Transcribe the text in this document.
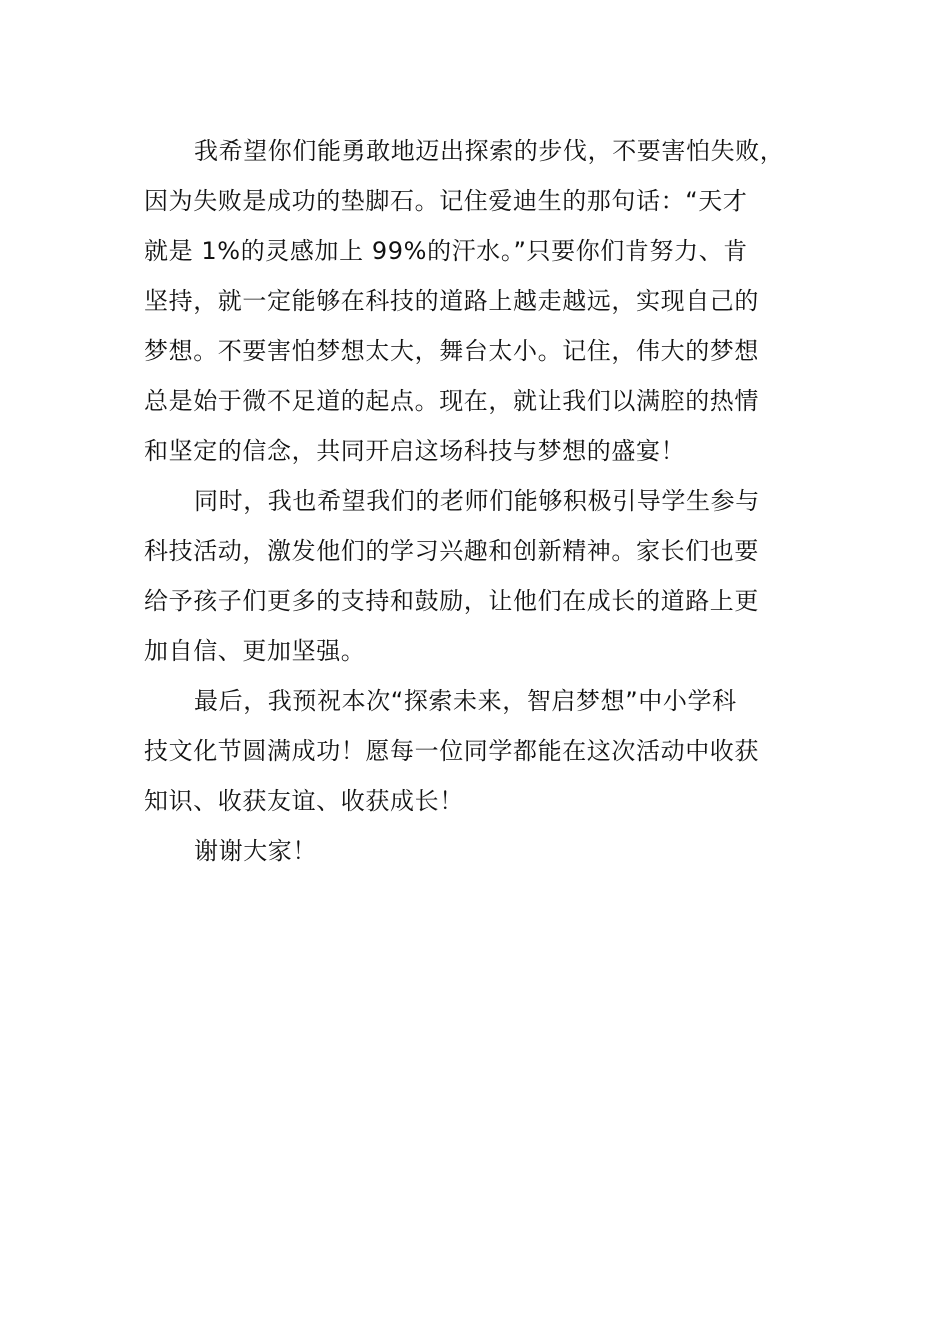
我希望你们能勇敢地迈出探索的步伐，不要害怕失败，
因为失败是成功的垫脚石。记住爱迪生的那句话：“天才
就是 1%的灵感加上 99%的汗水。”只要你们肯努力、肯
坚持，就一定能够在科技的道路上越走越远，实现自己的
梦想。不要害怕梦想太大，舞台太小。记住，伟大的梦想
总是始于微不足道的起点。现在，就让我们以满腔的热情
和坚定的信念，共同开启这场科技与梦想的盛宴！
同时，我也希望我们的老师们能够积极引导学生参与
科技活动，激发他们的学习兴趣和创新精神。家长们也要
给予孩子们更多的支持和鼓励，让他们在成长的道路上更
加自信、更加坚强。
最后，我预祝本次“探索未来，智启梦想”中小学科
技文化节圆满成功！愿每一位同学都能在这次活动中收获
知识、收获友谊、收获成长！
谢谢大家！
